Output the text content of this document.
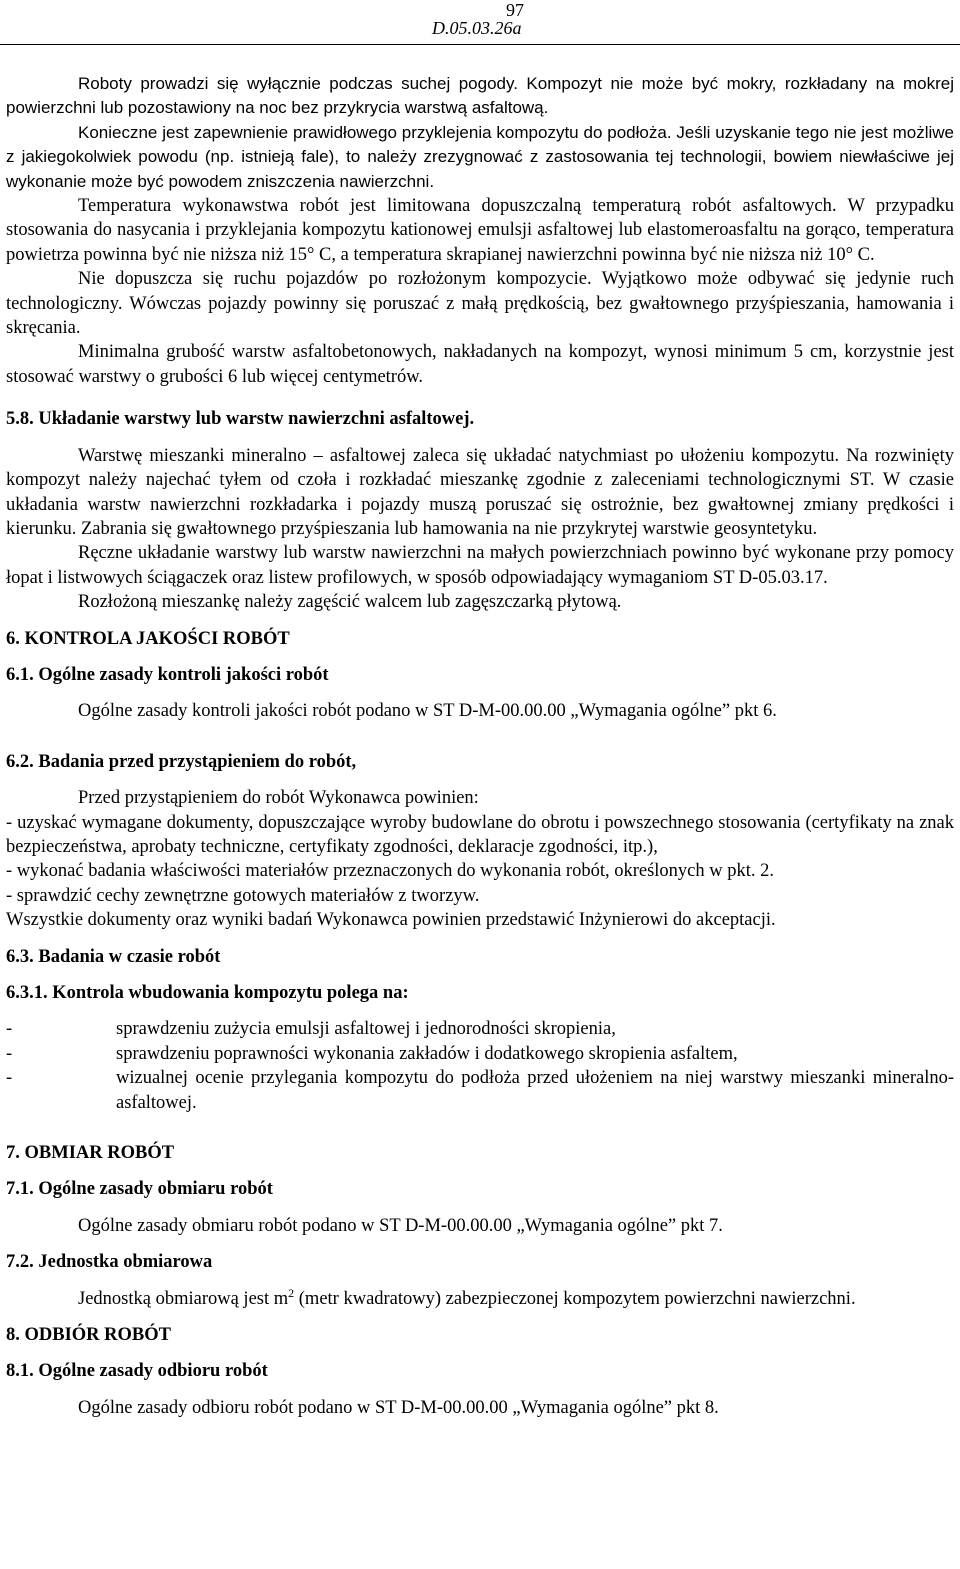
97
D.05.03.26a

Roboty prowadzi się wyłącznie podczas suchej pogody. Kompozyt nie może być mokry, rozkładany na mokrej powierzchni lub pozostawiony na noc bez przykrycia warstwą asfaltową.

Konieczne jest zapewnienie prawidłowego przyklejenia kompozytu do podłoża. Jeśli uzyskanie tego nie jest możliwe z jakiegokolwiek powodu (np. istnieją fale), to należy zrezygnować z zastosowania tej technologii, bowiem niewłaściwe jej wykonanie może być powodem zniszczenia nawierzchni.

Temperatura wykonawstwa robót jest limitowana dopuszczalną temperaturą robót asfaltowych. W przypadku stosowania do nasycania i przyklejania kompozytu kationowej emulsji asfaltowej lub elastomeroasfaltu na gorąco, temperatura powietrza powinna być nie niższa niż 15° C, a temperatura skrapianej nawierzchni powinna być nie niższa niż 10° C.

Nie dopuszcza się ruchu pojazdów po rozłożonym kompozycie. Wyjątkowo może odbywać się jedynie ruch technologiczny. Wówczas pojazdy powinny się poruszać z małą prędkością, bez gwałtownego przyśpieszania, hamowania i skręcania.

Minimalna grubość warstw asfaltobetonowych, nakładanych na kompozyt, wynosi minimum 5 cm, korzystnie jest stosować warstwy o grubości 6 lub więcej centymetrów.

5.8. Układanie warstwy lub warstw nawierzchni asfaltowej.

Warstwę mieszanki mineralno – asfaltowej zaleca się układać natychmiast po ułożeniu kompozytu. Na rozwinięty kompozyt należy najechać tyłem od czoła i rozkładać mieszankę zgodnie z zaleceniami technologicznymi ST. W czasie układania warstw nawierzchni rozkładarka i pojazdy muszą poruszać się ostrożnie, bez gwałtownej zmiany prędkości i kierunku. Zabrania się gwałtownego przyśpieszania lub hamowania na nie przykrytej warstwie geosyntetyku.

Ręczne układanie warstwy lub warstw nawierzchni na małych powierzchniach powinno być wykonane przy pomocy łopat i listwowych ściągaczek oraz listew profilowych, w sposób odpowiadający wymaganiom ST D-05.03.17.

Rozłożoną mieszankę należy zagęścić walcem lub zagęszczarką płytową.

6. KONTROLA JAKOŚCI ROBÓT
6.1. Ogólne zasady kontroli jakości robót

Ogólne zasady kontroli jakości robót podano w ST D-M-00.00.00 „Wymagania ogólne” pkt 6.

6.2. Badania przed przystąpieniem do robót,

Przed przystąpieniem do robót Wykonawca powinien:

- uzyskać wymagane dokumenty, dopuszczające wyroby budowlane do obrotu i powszechnego stosowania (certyfikaty na znak bezpieczeństwa, aprobaty techniczne, certyfikaty zgodności, deklaracje zgodności, itp.),

- wykonać badania właściwości materiałów przeznaczonych do wykonania robót, określonych w pkt. 2.

- sprawdzić cechy zewnętrzne gotowych materiałów z tworzyw.

Wszystkie dokumenty oraz wyniki badań Wykonawca powinien przedstawić Inżynierowi do akceptacji.

6.3. Badania w czasie robót
6.3.1. Kontrola wbudowania kompozytu polega na:
-	sprawdzeniu zużycia emulsji asfaltowej i jednorodności skropienia,
-	sprawdzeniu poprawności wykonania zakładów i dodatkowego skropienia asfaltem,
-	wizualnej ocenie przylegania kompozytu do podłoża przed ułożeniem na niej warstwy mieszanki mineralno-asfaltowej.
7. OBMIAR ROBÓT
7.1. Ogólne zasady obmiaru robót

Ogólne zasady obmiaru robót podano w ST D-M-00.00.00 „Wymagania ogólne” pkt 7.

7.2. Jednostka obmiarowa

Jednostką obmiarową jest $m^2$ (metr kwadratowy) zabezpieczonej kompozytem powierzchni nawierzchni.

8. ODBIÓR ROBÓT
8.1. Ogólne zasady odbioru robót

Ogólne zasady odbioru robót podano w ST D-M-00.00.00 „Wymagania ogólne” pkt 8.
